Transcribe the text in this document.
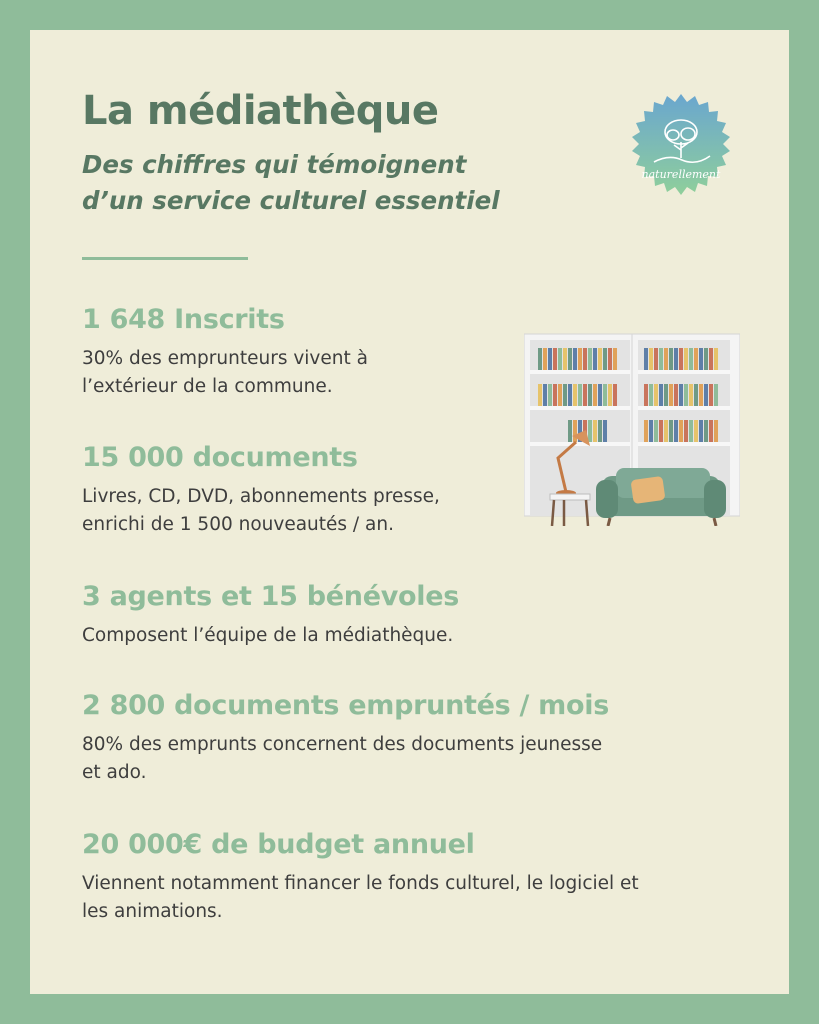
La médiathèque
Des chiffres qui témoignent
d’un service culturel essentiel
naturellement
1 648 Inscrits

30% des emprunteurs vivent à
l’extérieur de la commune.

15 000 documents

Livres, CD, DVD, abonnements presse,
enrichi de 1 500 nouveautés / an.

3 agents et 15 bénévoles

Composent l’équipe de la médiathèque.

2 800 documents empruntés / mois

80% des emprunts concernent des documents jeunesse
et ado.

20 000€ de budget annuel

Viennent notamment financer le fonds culturel, le logiciel et
les animations.
